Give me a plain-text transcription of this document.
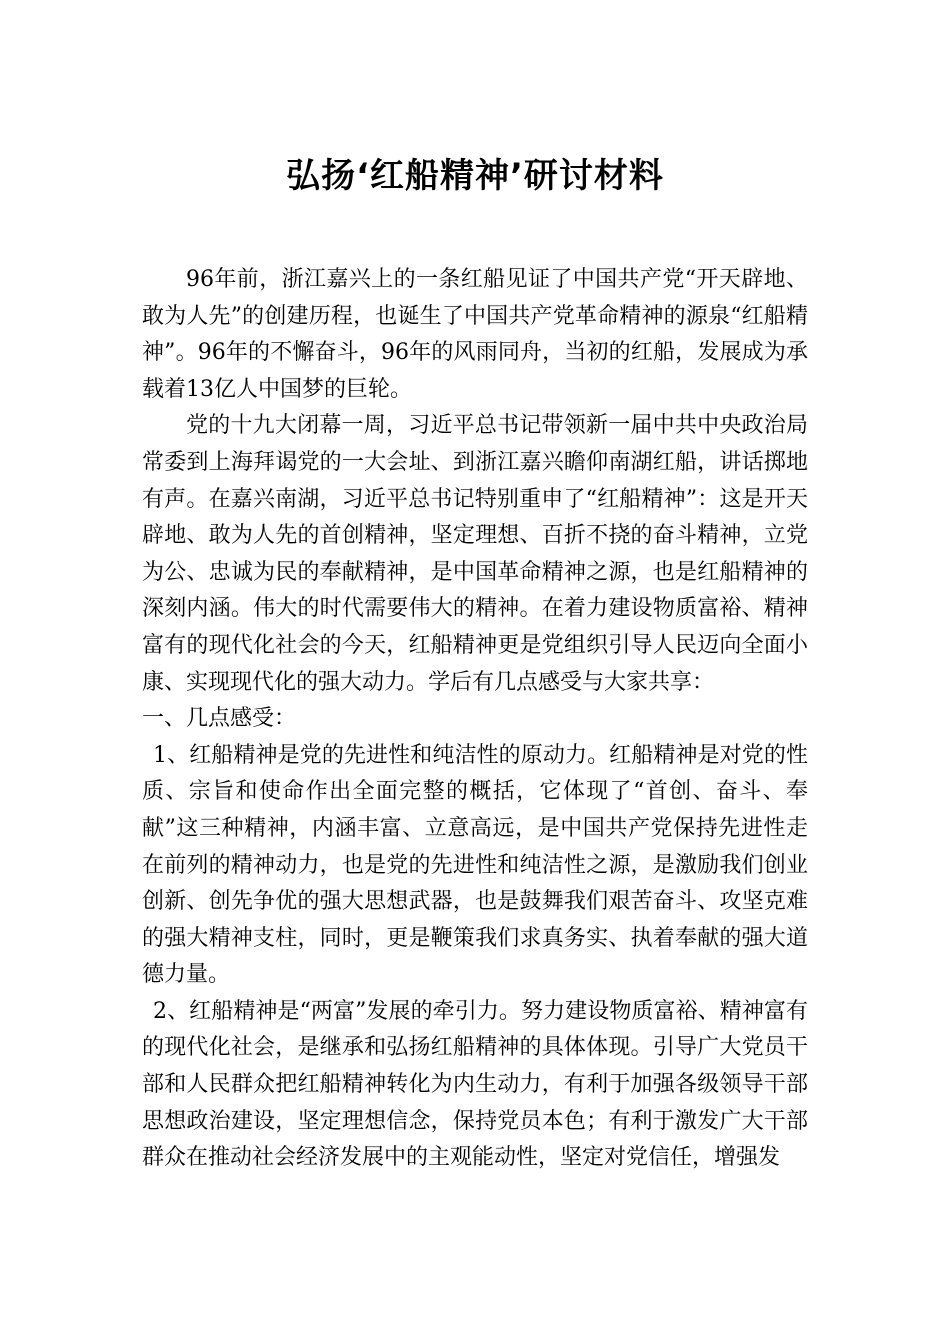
弘扬‘红船精神’研讨材料

96年前，浙江嘉兴上的一条红船见证了中国共产党“开天辟地、敢为人先”的创建历程，也诞生了中国共产党革命精神的源泉“红船精神”。96年的不懈奋斗，96年的风雨同舟，当初的红船，发展成为承载着13亿人中国梦的巨轮。

党的十九大闭幕一周，习近平总书记带领新一届中共中央政治局常委到上海拜谒党的一大会址、到浙江嘉兴瞻仰南湖红船，讲话掷地有声。在嘉兴南湖，习近平总书记特别重申了“红船精神”：这是开天辟地、敢为人先的首创精神，坚定理想、百折不挠的奋斗精神，立党为公、忠诚为民的奉献精神，是中国革命精神之源，也是红船精神的深刻内涵。伟大的时代需要伟大的精神。在着力建设物质富裕、精神富有的现代化社会的今天，红船精神更是党组织引导人民迈向全面小康、实现现代化的强大动力。学后有几点感受与大家共享：

一、几点感受：

1、红船精神是党的先进性和纯洁性的原动力。红船精神是对党的性质、宗旨和使命作出全面完整的概括，它体现了“首创、奋斗、奉献”这三种精神，内涵丰富、立意高远，是中国共产党保持先进性走在前列的精神动力，也是党的先进性和纯洁性之源，是激励我们创业创新、创先争优的强大思想武器，也是鼓舞我们艰苦奋斗、攻坚克难的强大精神支柱，同时，更是鞭策我们求真务实、执着奉献的强大道德力量。

2、红船精神是“两富”发展的牵引力。努力建设物质富裕、精神富有的现代化社会，是继承和弘扬红船精神的具体体现。引导广大党员干部和人民群众把红船精神转化为内生动力，有利于加强各级领导干部思想政治建设，坚定理想信念，保持党员本色；有利于激发广大干部群众在推动社会经济发展中的主观能动性，坚定对党信任，增强发
